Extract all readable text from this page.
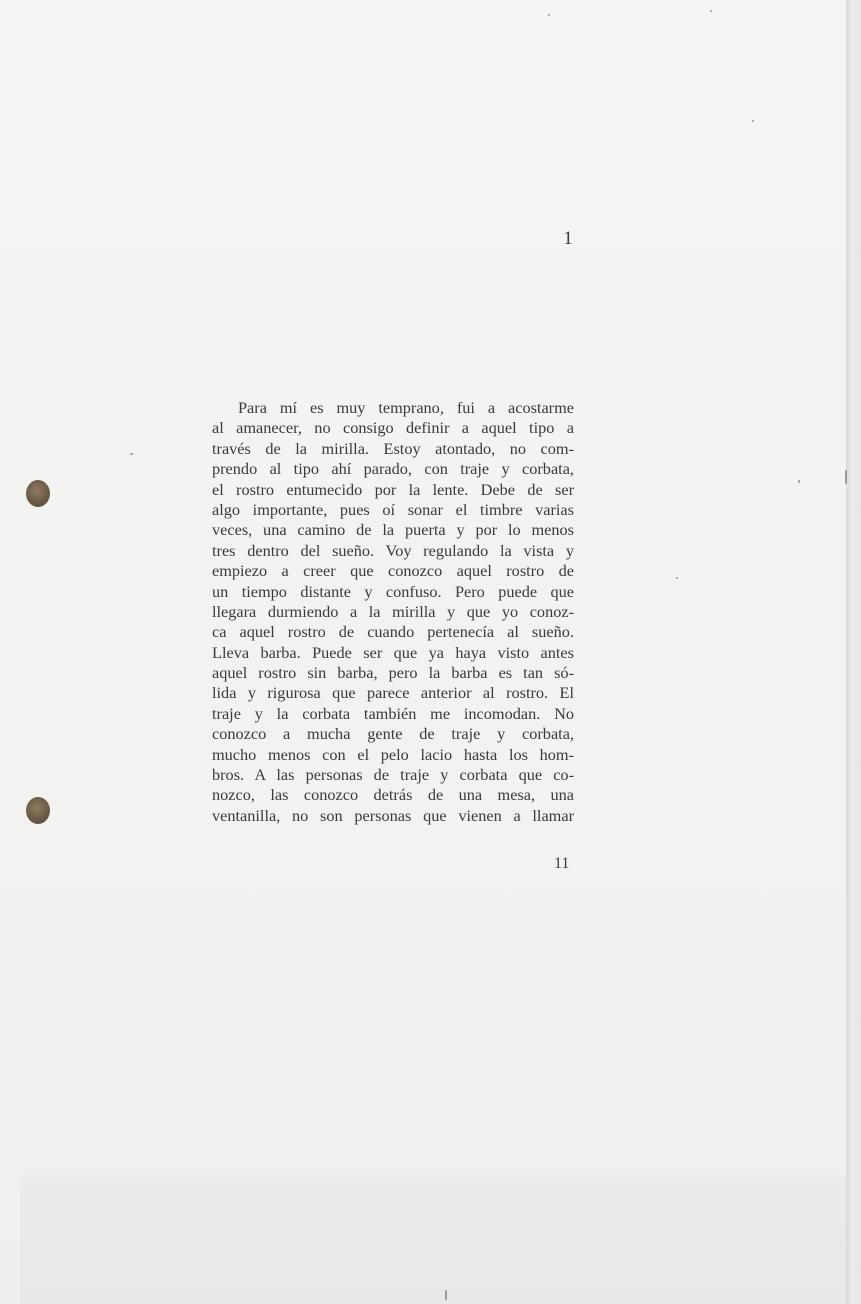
1
Para mí es muy temprano, fui a acostarme
al amanecer, no consigo definir a aquel tipo a
través de la mirilla. Estoy atontado, no com-
prendo al tipo ahí parado, con traje y corbata,
el rostro entumecido por la lente. Debe de ser
algo importante, pues oí sonar el timbre varias
veces, una camino de la puerta y por lo menos
tres dentro del sueño. Voy regulando la vista y
empiezo a creer que conozco aquel rostro de
un tiempo distante y confuso. Pero puede que
llegara durmiendo a la mirilla y que yo conoz-
ca aquel rostro de cuando pertenecía al sueño.
Lleva barba. Puede ser que ya haya visto antes
aquel rostro sin barba, pero la barba es tan só-
lida y rigurosa que parece anterior al rostro. El
traje y la corbata también me incomodan. No
conozco a mucha gente de traje y corbata,
mucho menos con el pelo lacio hasta los hom-
bros. A las personas de traje y corbata que co-
nozco, las conozco detrás de una mesa, una
ventanilla, no son personas que vienen a llamar
11
